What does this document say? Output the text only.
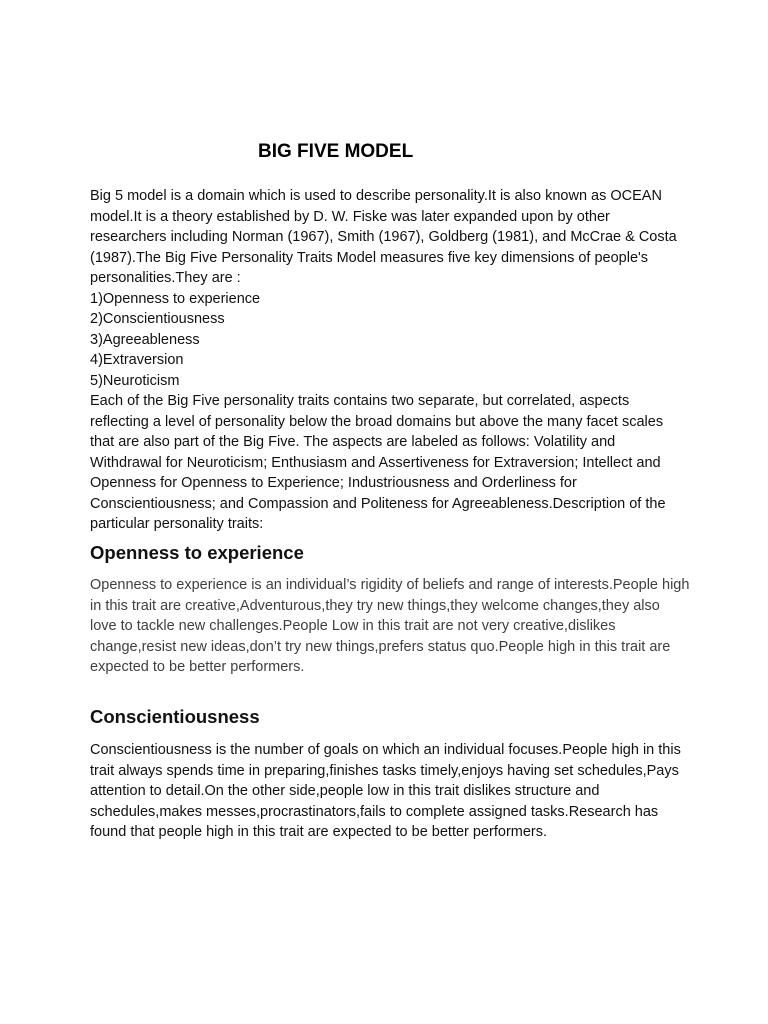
BIG FIVE MODEL

Big 5 model is a domain which is used to describe personality.It is also known as OCEAN model.It is a theory established by D. W. Fiske was later expanded upon by other researchers including Norman (1967), Smith (1967), Goldberg (1981), and McCrae & Costa (1987).The Big Five Personality Traits Model measures five key dimensions of people's personalities.They are :

1)Openness to experience
2)Conscientiousness
3)Agreeableness
4)Extraversion
5)Neuroticism

Each of the Big Five personality traits contains two separate, but correlated, aspects reflecting a level of personality below the broad domains but above the many facet scales that are also part of the Big Five. The aspects are labeled as follows: Volatility and Withdrawal for Neuroticism; Enthusiasm and Assertiveness for Extraversion; Intellect and Openness for Openness to Experience; Industriousness and Orderliness for Conscientiousness; and Compassion and Politeness for Agreeableness.Description of the particular personality traits:

Openness to experience

Openness to experience is an individual’s rigidity of beliefs and range of interests.People high in this trait are creative,Adventurous,they try new things,they welcome changes,they also love to tackle new challenges.People Low in this trait are not very creative,dislikes change,resist new ideas,don’t try new things,prefers status quo.People high in this trait are expected to be better performers.

Conscientiousness

Conscientiousness is the number of goals on which an individual focuses.People high in this trait always spends time in preparing,finishes tasks timely,enjoys having set schedules,Pays attention to detail.On the other side,people low in this trait dislikes structure and schedules,makes messes,procrastinators,fails to complete assigned tasks.Research has found that people high in this trait are expected to be better performers.
